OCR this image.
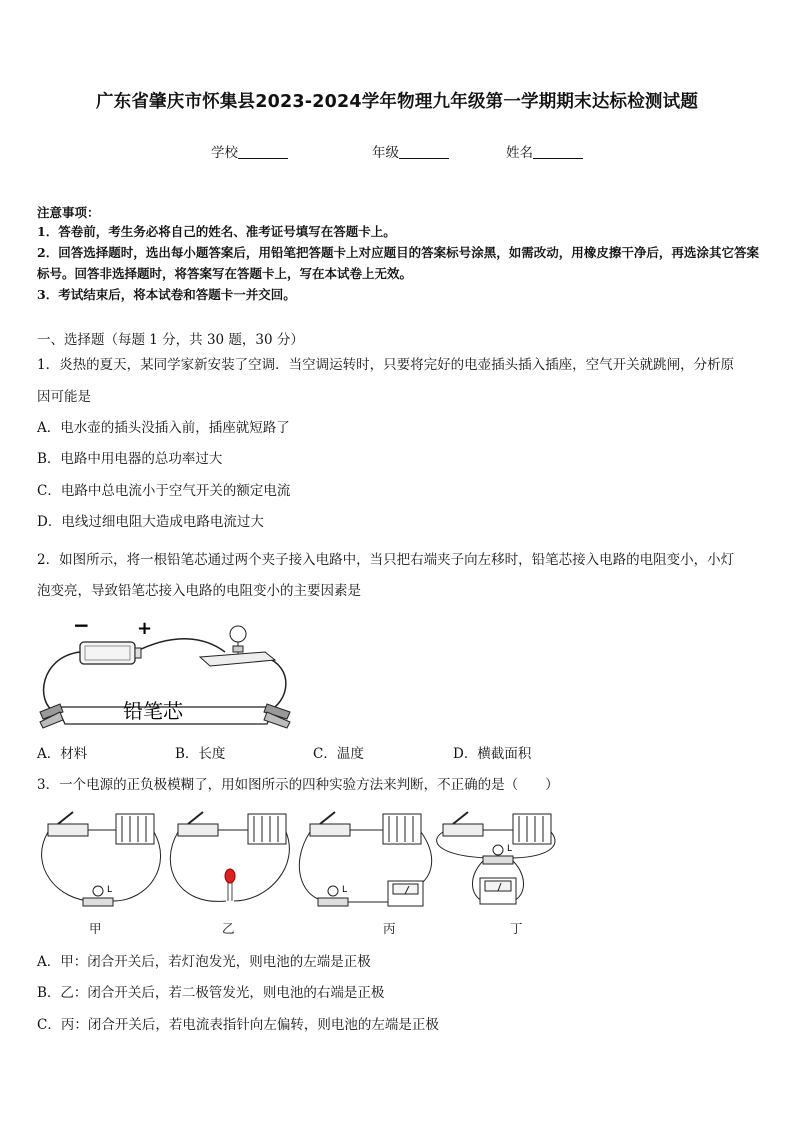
广东省肇庆市怀集县2023-2024学年物理九年级第一学期期末达标检测试题
学校	年级	姓名
注意事项：
1．答卷前，考生务必将自己的姓名、准考证号填写在答题卡上。
2．回答选择题时，选出每小题答案后，用铅笔把答题卡上对应题目的答案标号涂黑，如需改动，用橡皮擦干净后，再选涂其它答案标号。回答非选择题时，将答案写在答题卡上，写在本试卷上无效。
3．考试结束后，将本试卷和答题卡一并交回。
一、选择题（每题 1 分，共 30 题，30 分）
1．炎热的夏天，某同学家新安装了空调．当空调运转时，只要将完好的电壶插头插入插座，空气开关就跳闸，分析原
因可能是
A．电水壶的插头没插入前，插座就短路了
B．电路中用电器的总功率过大
C．电路中总电流小于空气开关的额定电流
D．电线过细电阻大造成电路电流过大
2．如图所示，将一根铅笔芯通过两个夹子接入电路中，当只把右端夹子向左移时，铅笔芯接入电路的电阻变小，小灯
泡变亮，导致铅笔芯接入电路的电阻变小的主要因素是
−	+
铅笔芯
A．材料	B．长度	C．温度	D．横截面积
3．一个电源的正负极模糊了，用如图所示的四种实验方法来判断，不正确的是（　　）
L	L
L
甲	乙	丙	丁
A．甲：闭合开关后，若灯泡发光，则电池的左端是正极
B．乙：闭合开关后，若二极管发光，则电池的右端是正极
C．丙：闭合开关后，若电流表指针向左偏转，则电池的左端是正极
